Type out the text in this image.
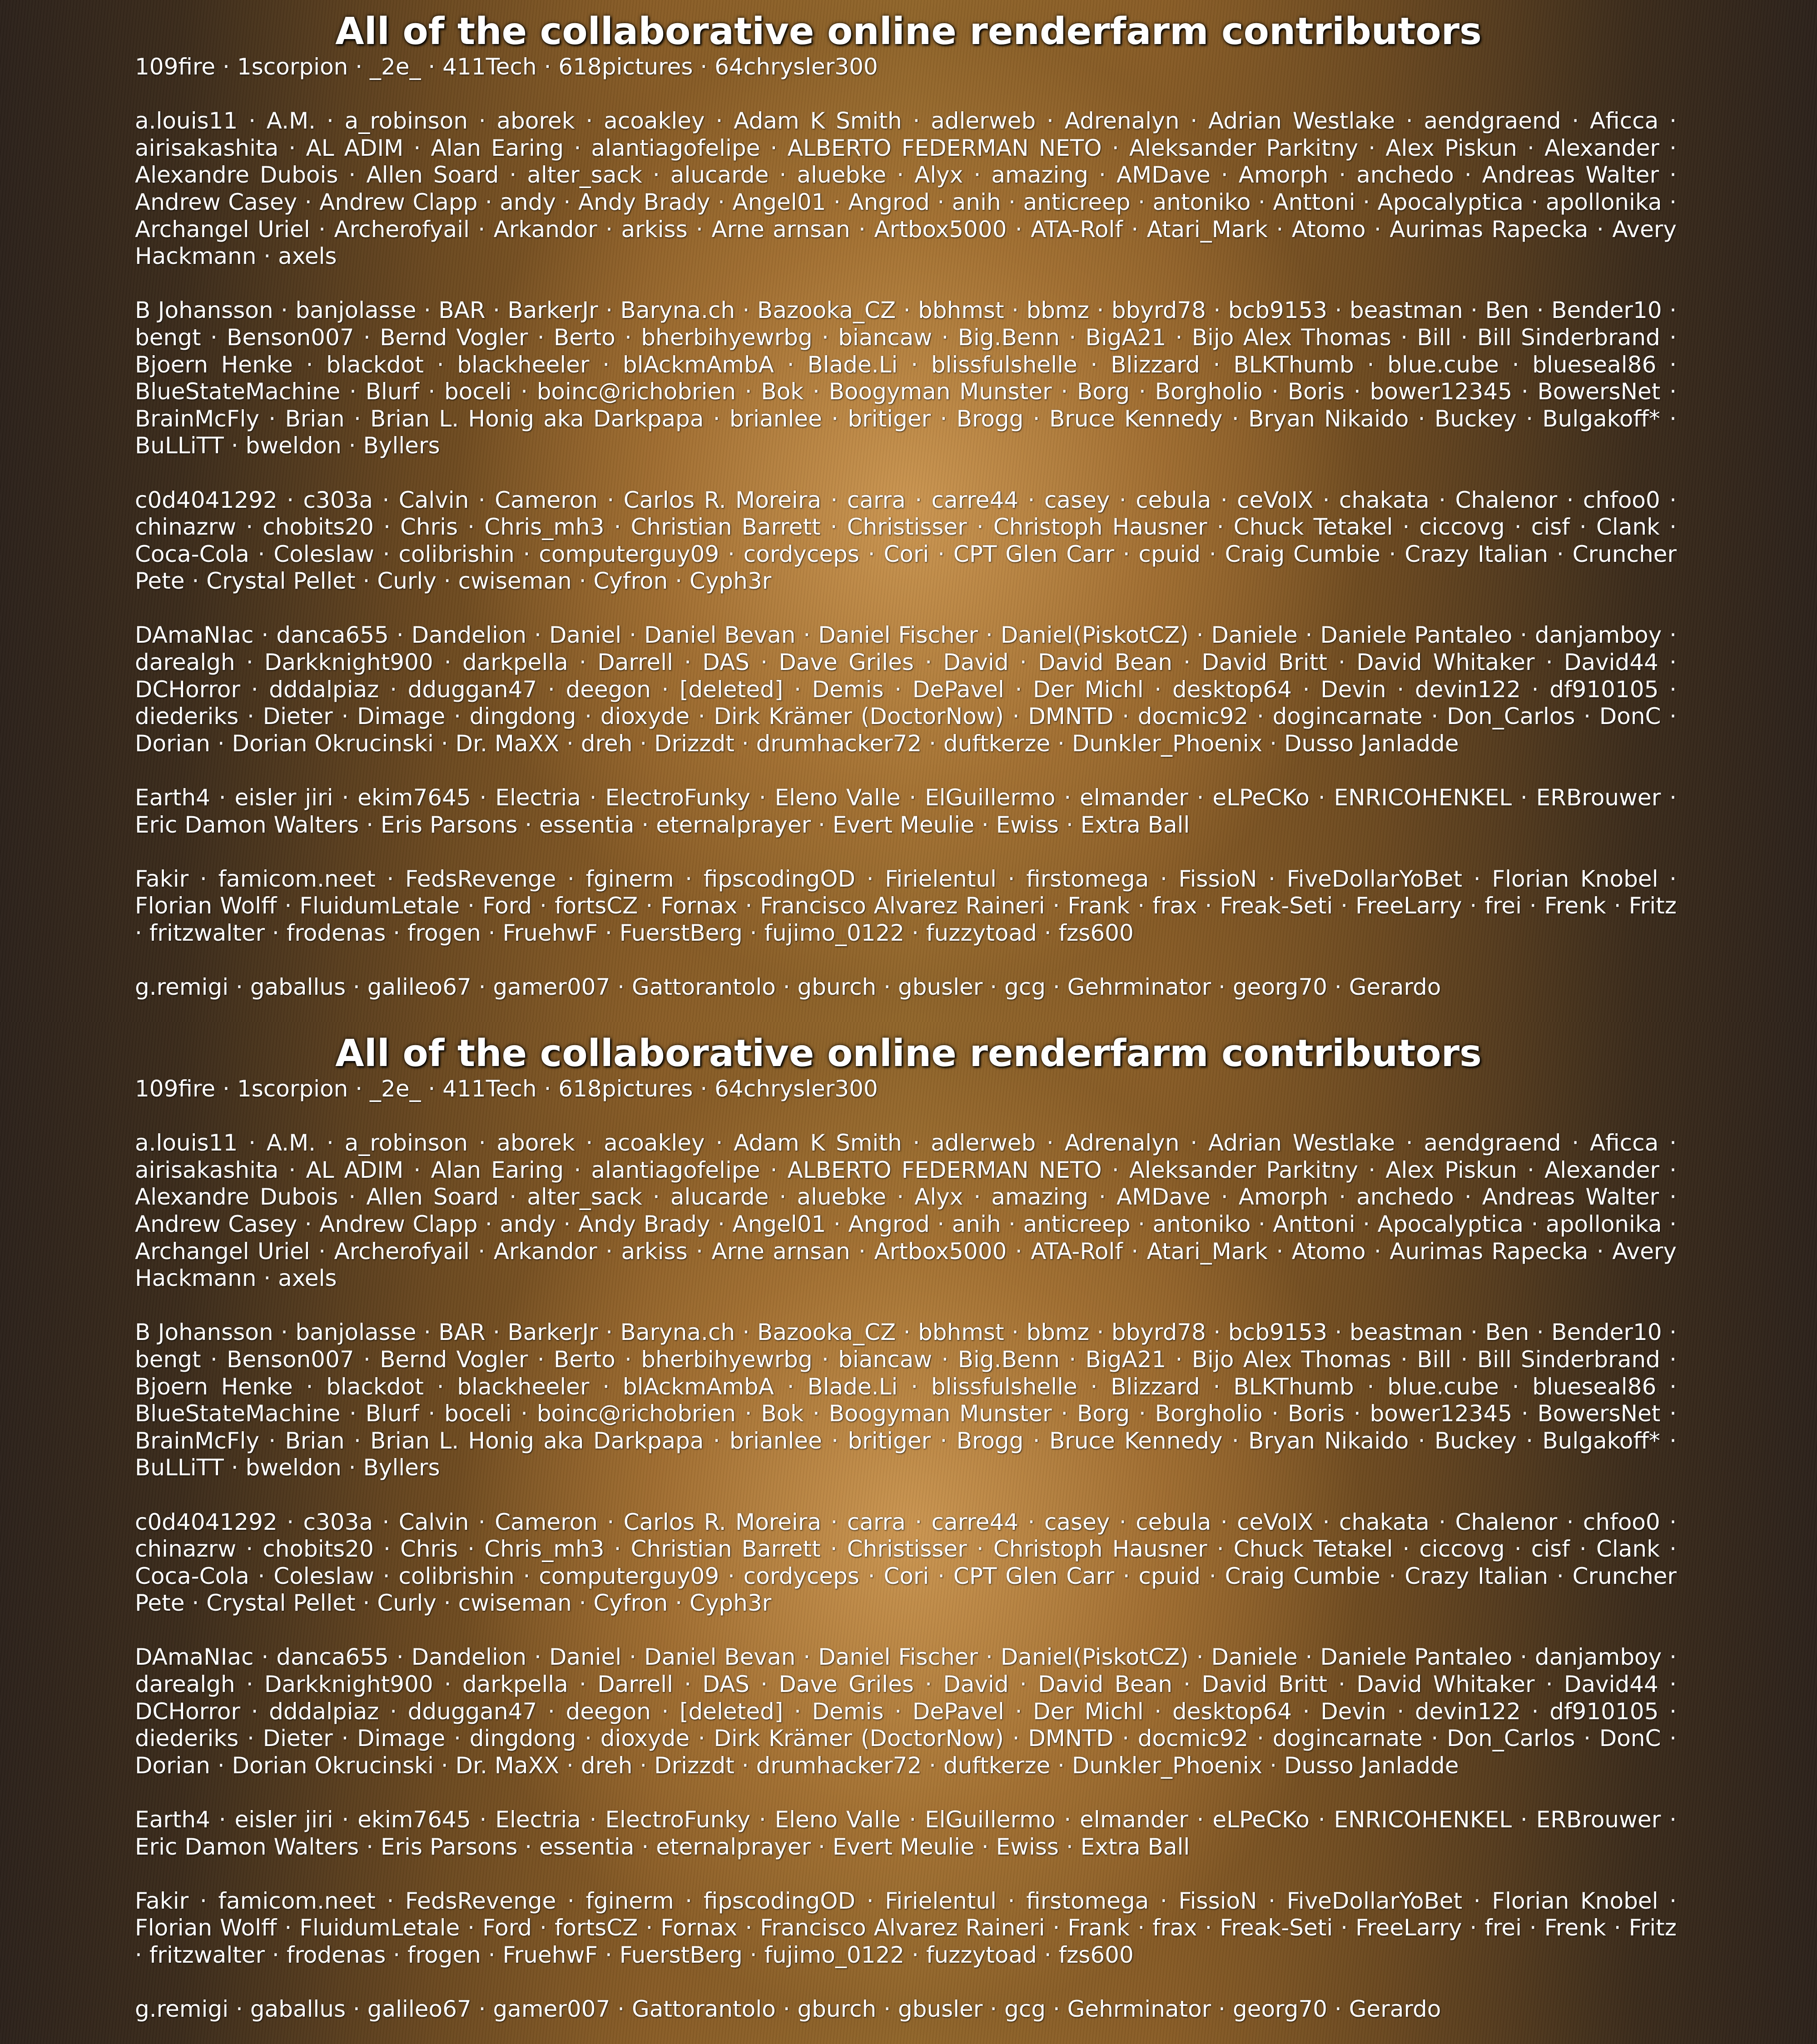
All of the collaborative online renderfarm contributors

109fire · 1scorpion · _2e_ · 411Tech · 618pictures · 64chrysler300

a.louis11 · A.M. · a_robinson · aborek · acoakley · Adam K Smith · adlerweb · Adrenalyn · Adrian Westlake · aendgraend · Aficca · airisakashita · AL ADIM · Alan Earing · alantiagofelipe · ALBERTO FEDERMAN NETO · Aleksander Parkitny · Alex Piskun · Alexander · Alexandre Dubois · Allen Soard · alter_sack · alucarde · aluebke · Alyx · amazing · AMDave · Amorph · anchedo · Andreas Walter · Andrew Casey · Andrew Clapp · andy · Andy Brady · Angel01 · Angrod · anih · anticreep · antoniko · Anttoni · Apocalyptica · apollonika · Archangel Uriel · Archerofyail · Arkandor · arkiss · Arne arnsan · Artbox5000 · ATA-Rolf · Atari_Mark · Atomo · Aurimas Rapecka · Avery Hackmann · axels

B Johansson · banjolasse · BAR · BarkerJr · Baryna.ch · Bazooka_CZ · bbhmst · bbmz · bbyrd78 · bcb9153 · beastman · Ben · Bender10 · bengt · Benson007 · Bernd Vogler · Berto · bherbihyewrbg · biancaw · Big.Benn · BigA21 · Bijo Alex Thomas · Bill · Bill Sinderbrand · Bjoern Henke · blackdot · blackheeler · blAckmAmbA · Blade.Li · blissfulshelle · Blizzard · BLKThumb · blue.cube · blueseal86 · BlueStateMachine · Blurf · boceli · boinc@richobrien · Bok · Boogyman Munster · Borg · Borgholio · Boris · bower12345 · BowersNet · BrainMcFly · Brian · Brian L. Honig aka Darkpapa · brianlee · britiger · Brogg · Bruce Kennedy · Bryan Nikaido · Buckey · Bulgakoff* · BuLLiTT · bweldon · Byllers

c0d4041292 · c303a · Calvin · Cameron · Carlos R. Moreira · carra · carre44 · casey · cebula · ceVoIX · chakata · Chalenor · chfoo0 · chinazrw · chobits20 · Chris · Chris_mh3 · Christian Barrett · Christisser · Christoph Hausner · Chuck Tetakel · ciccovg · cisf · Clank · Coca-Cola · Coleslaw · colibrishin · computerguy09 · cordyceps · Cori · CPT Glen Carr · cpuid · Craig Cumbie · Crazy Italian · Cruncher Pete · Crystal Pellet · Curly · cwiseman · Cyfron · Cyph3r

DAmaNIac · danca655 · Dandelion · Daniel · Daniel Bevan · Daniel Fischer · Daniel(PiskotCZ) · Daniele · Daniele Pantaleo · danjamboy · darealgh · Darkknight900 · darkpella · Darrell · DAS · Dave Griles · David · David Bean · David Britt · David Whitaker · David44 · DCHorror · dddalpiaz · dduggan47 · deegon · [deleted] · Demis · DePavel · Der Michl · desktop64 · Devin · devin122 · df910105 · diederiks · Dieter · Dimage · dingdong · dioxyde · Dirk Krämer (DoctorNow) · DMNTD · docmic92 · dogincarnate · Don_Carlos · DonC · Dorian · Dorian Okrucinski · Dr. MaXX · dreh · Drizzdt · drumhacker72 · duftkerze · Dunkler_Phoenix · Dusso Janladde

Earth4 · eisler jiri · ekim7645 · Electria · ElectroFunky · Eleno Valle · ElGuillermo · elmander · eLPeCKo · ENRICOHENKEL · ERBrouwer · Eric Damon Walters · Eris Parsons · essentia · eternalprayer · Evert Meulie · Ewiss · Extra Ball

Fakir · famicom.neet · FedsRevenge · fginerm · fipscodingOD · Firielentul · firstomega · FissioN · FiveDollarYoBet · Florian Knobel · Florian Wolff · FluidumLetale · Ford · fortsCZ · Fornax · Francisco Alvarez Raineri · Frank · frax · Freak-Seti · FreeLarry · frei · Frenk · Fritz · fritzwalter · frodenas · frogen · FruehwF · FuerstBerg · fujimo_0122 · fuzzytoad · fzs600

g.remigi · gaballus · galileo67 · gamer007 · Gattorantolo · gburch · gbusler · gcg · Gehrminator · georg70 · Gerardo

All of the collaborative online renderfarm contributors

109fire · 1scorpion · _2e_ · 411Tech · 618pictures · 64chrysler300

a.louis11 · A.M. · a_robinson · aborek · acoakley · Adam K Smith · adlerweb · Adrenalyn · Adrian Westlake · aendgraend · Aficca · airisakashita · AL ADIM · Alan Earing · alantiagofelipe · ALBERTO FEDERMAN NETO · Aleksander Parkitny · Alex Piskun · Alexander · Alexandre Dubois · Allen Soard · alter_sack · alucarde · aluebke · Alyx · amazing · AMDave · Amorph · anchedo · Andreas Walter · Andrew Casey · Andrew Clapp · andy · Andy Brady · Angel01 · Angrod · anih · anticreep · antoniko · Anttoni · Apocalyptica · apollonika · Archangel Uriel · Archerofyail · Arkandor · arkiss · Arne arnsan · Artbox5000 · ATA-Rolf · Atari_Mark · Atomo · Aurimas Rapecka · Avery Hackmann · axels

B Johansson · banjolasse · BAR · BarkerJr · Baryna.ch · Bazooka_CZ · bbhmst · bbmz · bbyrd78 · bcb9153 · beastman · Ben · Bender10 · bengt · Benson007 · Bernd Vogler · Berto · bherbihyewrbg · biancaw · Big.Benn · BigA21 · Bijo Alex Thomas · Bill · Bill Sinderbrand · Bjoern Henke · blackdot · blackheeler · blAckmAmbA · Blade.Li · blissfulshelle · Blizzard · BLKThumb · blue.cube · blueseal86 · BlueStateMachine · Blurf · boceli · boinc@richobrien · Bok · Boogyman Munster · Borg · Borgholio · Boris · bower12345 · BowersNet · BrainMcFly · Brian · Brian L. Honig aka Darkpapa · brianlee · britiger · Brogg · Bruce Kennedy · Bryan Nikaido · Buckey · Bulgakoff* · BuLLiTT · bweldon · Byllers

c0d4041292 · c303a · Calvin · Cameron · Carlos R. Moreira · carra · carre44 · casey · cebula · ceVoIX · chakata · Chalenor · chfoo0 · chinazrw · chobits20 · Chris · Chris_mh3 · Christian Barrett · Christisser · Christoph Hausner · Chuck Tetakel · ciccovg · cisf · Clank · Coca-Cola · Coleslaw · colibrishin · computerguy09 · cordyceps · Cori · CPT Glen Carr · cpuid · Craig Cumbie · Crazy Italian · Cruncher Pete · Crystal Pellet · Curly · cwiseman · Cyfron · Cyph3r

DAmaNIac · danca655 · Dandelion · Daniel · Daniel Bevan · Daniel Fischer · Daniel(PiskotCZ) · Daniele · Daniele Pantaleo · danjamboy · darealgh · Darkknight900 · darkpella · Darrell · DAS · Dave Griles · David · David Bean · David Britt · David Whitaker · David44 · DCHorror · dddalpiaz · dduggan47 · deegon · [deleted] · Demis · DePavel · Der Michl · desktop64 · Devin · devin122 · df910105 · diederiks · Dieter · Dimage · dingdong · dioxyde · Dirk Krämer (DoctorNow) · DMNTD · docmic92 · dogincarnate · Don_Carlos · DonC · Dorian · Dorian Okrucinski · Dr. MaXX · dreh · Drizzdt · drumhacker72 · duftkerze · Dunkler_Phoenix · Dusso Janladde

Earth4 · eisler jiri · ekim7645 · Electria · ElectroFunky · Eleno Valle · ElGuillermo · elmander · eLPeCKo · ENRICOHENKEL · ERBrouwer · Eric Damon Walters · Eris Parsons · essentia · eternalprayer · Evert Meulie · Ewiss · Extra Ball

Fakir · famicom.neet · FedsRevenge · fginerm · fipscodingOD · Firielentul · firstomega · FissioN · FiveDollarYoBet · Florian Knobel · Florian Wolff · FluidumLetale · Ford · fortsCZ · Fornax · Francisco Alvarez Raineri · Frank · frax · Freak-Seti · FreeLarry · frei · Frenk · Fritz · fritzwalter · frodenas · frogen · FruehwF · FuerstBerg · fujimo_0122 · fuzzytoad · fzs600

g.remigi · gaballus · galileo67 · gamer007 · Gattorantolo · gburch · gbusler · gcg · Gehrminator · georg70 · Gerardo
